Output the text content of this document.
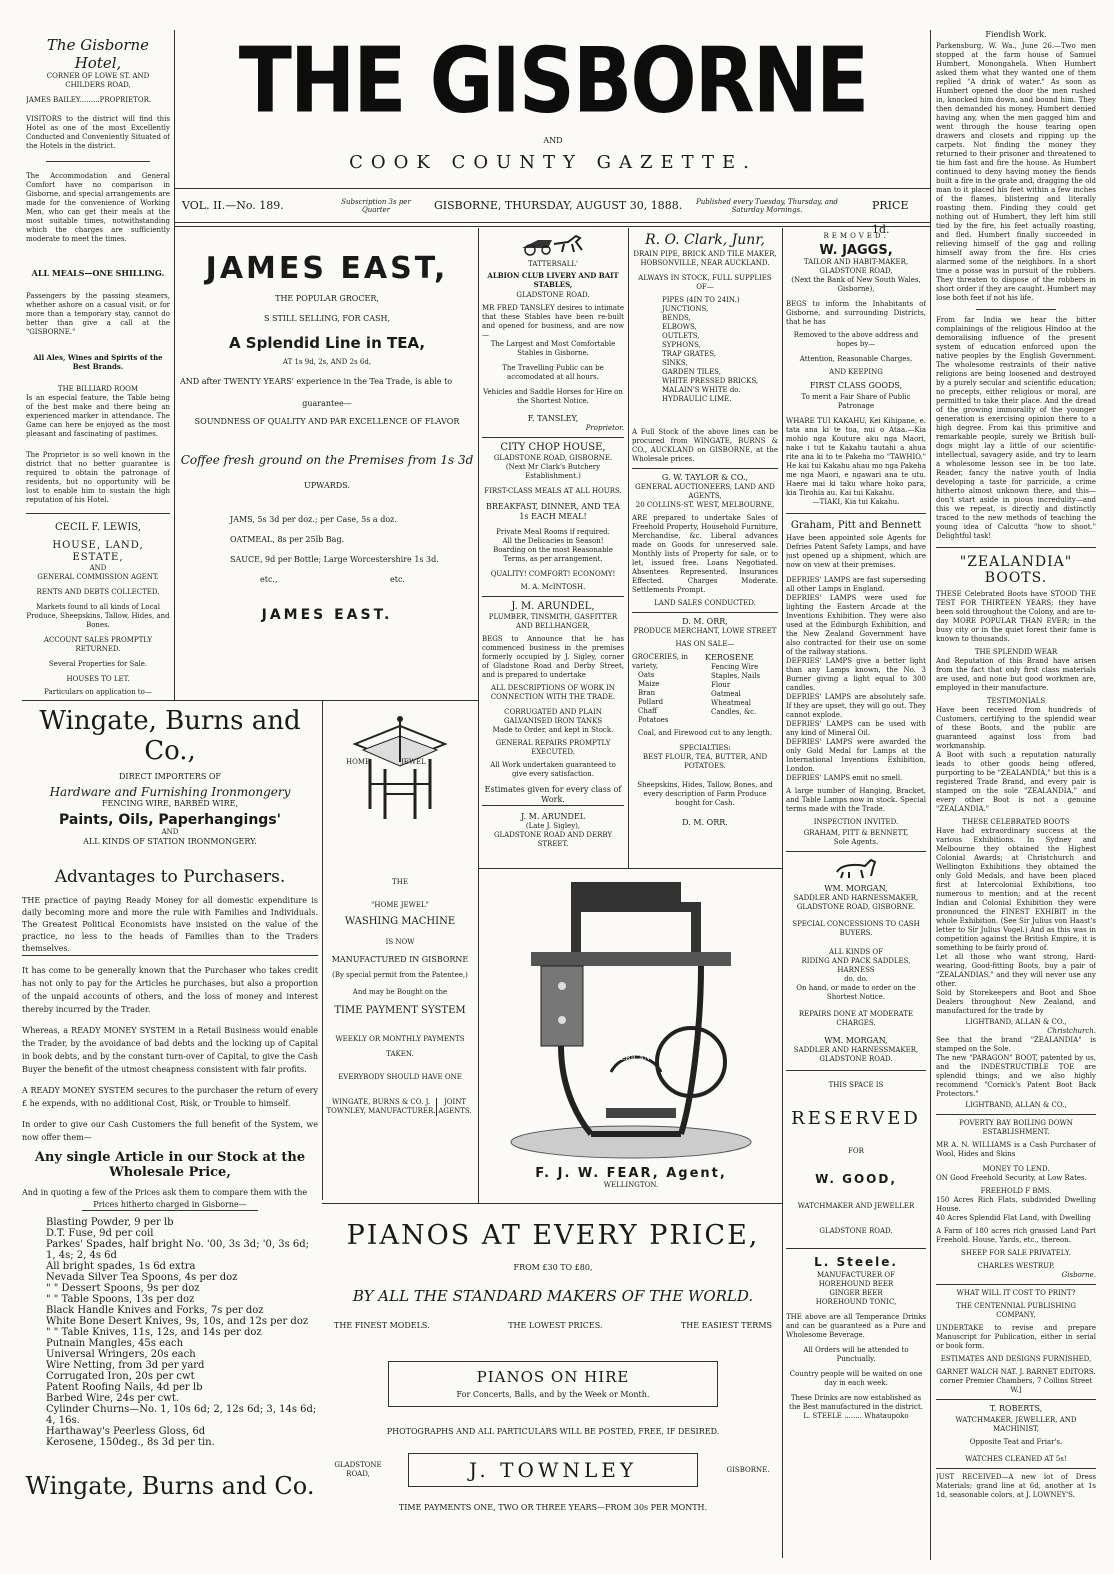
THE GISBORNE
AND
COOK COUNTY GAZETTE.
VOL. II.—No. 189.	Subscription 3s per Quarter	GISBORNE, THURSDAY, AUGUST 30, 1888.	Published every Tuesday, Thursday, and Saturday Mornings.	PRICE 1d.
The Gisborne Hotel,
CORNER OF LOWE ST. AND CHILDERS ROAD,
JAMES BAILEY.........PROPRIETOR.
VISITORS to the district will find this Hotel as one of the most Excellently Conducted and Conveniently Situated of the Hotels in the district.
The Accommodation and General Comfort have no comparison in Gisborne, and special arrangements are made for the convenience of Working Men, who can get their meals at the most suitable times, notwithstanding which the charges are sufficiently moderate to meet the times.
ALL MEALS—ONE SHILLING.
Passengers by the passing steamers, whether ashore on a casual visit, or for more than a temporary stay, cannot do better than give a call at the "GISBORNE."
All Ales, Wines and Spirits of the Best Brands.
THE BILLIARD ROOM
Is an especial feature, the Table being of the best make and there being an experienced marker in attendance. The Game can here be enjoyed as the most pleasant and fascinating of pastimes.
The Proprietor is so well known in the district that no better guarantee is required to obtain the patronage of residents, but no opportunity will be lost to enable him to sustain the high reputation of his Hotel.
CECIL F. LEWIS,
HOUSE, LAND, ESTATE,
AND
GENERAL COMMISSION AGENT.
RENTS AND DEBTS COLLECTED.
Markets found to all kinds of Local Produce, Sheepskins, Tallow, Hides, and Bones.
ACCOUNT SALES PROMPTLY RETURNED.
Several Properties for Sale.
HOUSES TO LET.
Particulars on application to—
JAMES EAST,
THE POPULAR GROCER,
S STILL SELLING, FOR CASH,
A Splendid Line in TEA,
AT 1s 9d, 2s, AND 2s 6d,
AND after TWENTY YEARS' experience in the Tea Trade, is able to
guarantee—
SOUNDNESS OF QUALITY AND PAR EXCELLENCE OF FLAVOR
Coffee fresh ground on the Premises from 1s 3d
UPWARDS.
JAMS, 5s 3d per doz.; per Case, 5s a doz.
OATMEAL, 8s per 25lb Bag.
SAUCE, 9d per Bottle; Large Worcestershire 1s 3d.
etc.,	etc.
JAMES EAST.
Wingate, Burns and Co.,
DIRECT IMPORTERS OF
Hardware and Furnishing Ironmongery
FENCING WIRE, BARBED WIRE,
Paints, Oils, Paperhangings'
AND
ALL KINDS OF STATION IRONMONGERY.
Advantages to Purchasers.
THE practice of paying Ready Money for all domestic expenditure is daily becoming more and more the rule with Families and Individuals. The Greatest Political Economists have insisted on the value of the practice, no less to the heads of Families than to the Traders themselves.
It has come to be generally known that the Purchaser who takes credit has not only to pay for the Articles he purchases, but also a proportion of the unpaid accounts of others, and the loss of money and interest thereby incurred by the Trader.
Whereas, a READY MONEY SYSTEM in a Retail Business would enable the Trader, by the avoidance of bad debts and the locking up of Capital in book debts, and by the constant turn-over of Capital, to give the Cash Buyer the benefit of the utmost cheapness consistent with fair profits.
A READY MONEY SYSTEM secures to the purchaser the return of every £ he expends, with no additional Cost, Risk, or Trouble to himself.
In order to give our Cash Customers the full benefit of the System, we now offer them—
Any single Article in our Stock at the Wholesale Price,
And in quoting a few of the Prices ask them to compare them with the
Prices hitherto charged in Gisborne—
Blasting Powder, 9 per lb
D.T. Fuse, 9d per coil
Parkes' Spades, half bright No. '00, 3s 3d; '0, 3s 6d; 1, 4s; 2, 4s 6d
All bright spades, 1s 6d extra
Nevada Silver Tea Spoons, 4s per doz
" " Dessert Spoons, 9s per doz
" " Table Spoons, 13s per doz
Black Handle Knives and Forks, 7s per doz
White Bone Desert Knives, 9s, 10s, and 12s per doz
" " Table Knives, 11s, 12s, and 14s per doz
Putnain Mangles, 45s each
Universal Wringers, 20s each
Wire Netting, from 3d per yard
Corrugated Iron, 20s per cwt
Patent Roofing Nails, 4d per lb
Barbed Wire, 24s per cwt.
Cylinder Churns—No. 1, 10s 6d; 2, 12s 6d; 3, 14s 6d; 4, 16s.
Harthaway's Peerless Gloss, 6d
Kerosene, 150deg., 8s 3d per tin.
Wingate, Burns and Co.
HOME	JEWEL
THE
"HOME JEWEL"
WASHING MACHINE
IS NOW
MANUFACTURED IN GISBORNE
(By special permit from the Patentee,)
And may be Bought on the
TIME PAYMENT SYSTEM
WEEKLY OR MONTHLY PAYMENTS
TAKEN.
EVERYBODY SHOULD HAVE ONE
WINGATE, BURNS & CO. J. TOWNLEY, MANUFACTURER.
JOINT AGENTS.
TATTERSALL'
ALBION CLUB LIVERY AND BAIT STABLES,
GLADSTONE ROAD.
MR FRED TANSLEY desires to intimate that these Stables have been re-built and opened for business, and are now—
The Largest and Most Comfortable Stables in Gisborne.
The Travelling Public can be accomodated at all hours.
Vehicles and Saddle Horses for Hire on the Shortest Notice.
F. TANSLEY,
Proprietor.
CITY CHOP HOUSE,
GLADSTONE ROAD, GISBORNE.
(Next Mr Clark's Butchery Establishment.)
FIRST-CLASS MEALS AT ALL HOURS.
BREAKFAST, DINNER, AND TEA 1s EACH MEAL!
Private Meal Rooms if required.
All the Delicacies in Season!
Boarding on the most Reasonable Terms, as per arrangement.
QUALITY! COMFORT! ECONOMY!
M. A. McINTOSH.
J. M. ARUNDEL,
PLUMBER, TINSMITH, GASFITTER AND BELLHANGER,
BEGS to Announce that he has commenced business in the premises formerly occupied by J. Sigley, corner of Gladstone Road and Derby Street, and is prepared to undertake
ALL DESCRIPTIONS OF WORK IN CONNECTION WITH THE TRADE.
CORRUGATED AND PLAIN GALVANISED IRON TANKS
Made to Order, and kept in Stock.
GENERAL REPAIRS PROMPTLY EXECUTED.
All Work undertaken guaranteed to give every satisfaction.
Estimates given for every class of Work.
J. M. ARUNDEL
(Late J. Sigley),
GLADSTONE ROAD AND DERBY STREET.
R. O. Clark, Junr,
DRAIN PIPE, BRICK AND TILE MAKER,
HOBSONVILLE, NEAR AUCKLAND.
ALWAYS IN STOCK, FULL SUPPLIES OF—
PIPES (4IN TO 24IN.)
JUNCTIONS,
BENDS,
ELBOWS,
OUTLETS,
SYPHONS,
TRAP GRATES,
SINKS,
GARDEN TILES,
WHITE PRESSED BRICKS,
MALAIN'S WHITE do.
HYDRAULIC LIME.
A Full Stock of the above lines can be procured from WINGATE, BURNS & CO., AUCKLAND on GISBORNE, at the Wholesale prices.
G. W. TAYLOR & CO.,
GENERAL AUCTIONEERS, LAND AND AGENTS,
20 COLLINS-ST. WEST, MELBOURNE,
ARE prepared to undertake Sales of Freehold Property, Household Furniture, Merchandise, &c. Liberal advances made on Goods for unreserved sale. Monthly lists of Property for sale, or to let, issued free. Loans Negotiated. Absentees Represented. Insurances Effected. Charges Moderate. Settlements Prompt.
LAND SALES CONDUCTED.
D. M. ORR,
PRODUCE MERCHANT, LOWE STREET
HAS ON SALE—
GROCERIES, in variety,
Oats
Maize
Bran
Pollard
Chaff
Potatoes
KEROSENE
Fencing Wire
Staples, Nails
Flour
Oatmeal
Wheatmeal
Candles, &c.
Coal, and Firewood cut to any length.
SPECIALTIES:
BEST FLOUR, TEA, BUTTER, AND POTATOES.
Sheepskins, Hides, Tallow, Bones, and every description of Farm Produce bought for Cash.
D. M. ORR.
AMERICAN
F. J. W. FEAR, Agent,
WELLINGTON.
PIANOS AT EVERY PRICE,
FROM £30 TO £80,
BY ALL THE STANDARD MAKERS OF THE WORLD.
THE FINEST MODELS.	THE LOWEST PRICES.	THE EASIEST TERMS
PIANOS ON HIRE
For Concerts, Balls, and by the Week or Month.
PHOTOGRAPHS AND ALL PARTICULARS WILL BE POSTED, FREE, IF DESIRED.
GLADSTONE ROAD,	J. TOWNLEY	GISBORNE.
TIME PAYMENTS ONE, TWO OR THREE YEARS—FROM 30s PER MONTH.
REMOVED.
W. JAGGS,
TAILOR AND HABIT-MAKER,
GLADSTONE ROAD,
(Next the Bank of New South Wales, Gisborne),
BEGS to inform the Inhabitants of Gisborne, and surrounding Districts, that he has
Removed to the above address and hopes by—
Attention, Reasonable Charges,
AND KEEPING
FIRST CLASS GOODS,
To merit a Fair Share of Public Patronage
WHARE TUI KAKAHU, Kei Kihipane, e. tata ana ki te toa, nui o Ataa.—Kia mohio nga Kouture aku nga Maori, nake i tut te Kakahu tautahi a ahua rite ana ki to te Pakeha mo "TAWHIO." He kai tui Kakahu ahau mo nga Pakeha me nga Maori, e ngawari ana te utu. Haere mai ki taku whare hoko para, kia Tirohia au. Kai tui Kakahu.
—TIAKI, Kia tui Kakahu.
Graham, Pitt and Bennett
Have been appointed sole Agents for Defries Patent Safety Lamps, and have just opened up a shipment, which are now on view at their premises.
DEFRIES' LAMPS are fast superseding all other Lamps in England.
DEFRIES' LAMPS were used for lighting the Eastern Arcade at the Inventions Exhibition. They were also used at the Edinburgh Exhibition, and the New Zealand Government have also contracted for their use on some of the railway stations.
DEFRIES' LAMPS give a better light than any Lamps known, the No. 3 Burner giving a light equal to 300 candles.
DEFRIES' LAMPS are absolutely safe. If they are upset, they will go out. They cannot explode.
DEFRIES' LAMPS can be used with any kind of Mineral Oil.
DEFRIES' LAMPS were awarded the only Gold Medal for Lamps at the International Inventions Exhibition, London.
DEFRIES' LAMPS emit no smell.
A large number of Hanging, Bracket, and Table Lamps now in stock. Special terms made with the Trade.
INSPECTION INVITED.
GRAHAM, PITT & BENNETT,
Sole Agents.
WM. MORGAN,
SADDLER AND HARNESSMAKER,
GLADSTONE ROAD, GISBORNE.
SPECIAL CONCESSIONS TO CASH BUYERS.
ALL KINDS OF
RIDING AND PACK SADDLES, HARNESS
do. do.
On hand, or made to order on the Shortest Notice.
REPAIRS DONE AT MODERATE CHARGES.
WM. MORGAN,
SADDLER AND HARNESSMAKER,
GLADSTONE ROAD.
THIS SPACE IS
RESERVED
FOR
W. GOOD,
WATCHMAKER AND JEWELLER
GLADSTONE ROAD.
L. Steele.
MANUFACTURER OF
HOREHOUND BEER
GINGER BEER
HOREHOUND TONIC,
THE above are all Temperance Drinks and can be guaranteed as a Pure and Wholesome Beverage.
All Orders will be attended to Punctually.
Country people will be waited on one day in each week.
These Drinks are now established as the Best manufactured in the district.
L. STEELE ........ Whataupoko
Fiendish Work.
Parkensburg, W. Wa., June 26.—Two men stopped at the farm house of Samuel Humbert, Monongahela. When Humbert asked them what they wanted one of them replied "A drink of water." As soon as Humbert opened the door the men rushed in, knocked him down, and bound him. They then demanded his money. Humbert denied having any, when the men gagged him and went through the house tearing open drawers and closets and ripping up the carpets. Not finding the money they returned to their prisoner and threatened to tie him fast and fire the house. As Humbert continued to deny having money the fiends built a fire in the grate and, dragging the old man to it placed his feet within a few inches of the flames, blistering and literally roasting them. Finding they could get nothing out of Humbert, they left him still tied by the fire, his feet actually roasting, and fled. Humbert finally succeeded in relieving himself of the gag and rolling himself away from the fire. His cries alarmed some of the neighbors. In a short time a posse was in pursuit of the robbers. They threaten to dispose of the robbers in short order if they are caught. Humbert may lose both feet if not his life.
From far India we hear the bitter complainings of the religious Hindoo at the demoralising influence of the present system of education enforced upon the native peoples by the English Government. The wholesome restraints of their native religions are being loosened and destroyed by a purely secular and scientific education; no precepts, either religious or moral, are permitted to take their place. And the dread of the growing immorality of the younger generation is exercising opinion there to a high degree. From kai this primitive and remarkable people, surely we British bull-dogs might lay a little of our scientific-intellectual, savagery aside, and try to learn a wholesome lesson see in be too late. Reader, fancy the native youth of India developing a taste for parricide, a crime hitherto almost unknown there, and this—don't start aside in pious incredulity—and this we repeat, is directly and distinctly traced to the new methods of teaching the young idea of Calcutta "how to shoot." Delightful task!
"ZEALANDIA" BOOTS.
THESE Celebrated Boots have STOOD THE TEST FOR THIRTEEN YEARS; they have been sold throughout the Colony, and are to-day MORE POPULAR THAN EVER; in the busy city or in the quiet forest their fame is known to thousands.
THE SPLENDID WEAR
And Reputation of this Brand have arisen from the fact that only first class materials are used, and none but good workmen are, employed in their manufacture.
TESTIMONIALS
Have been received from hundreds of Customers, certifying to the splendid wear of these Boots, and the public are guaranteed against loss from bad workmanship.
A Boot with such a reputation naturally leads to other goods being offered, purporting to be "ZEALANDIA," but this is a registered Trade Brand, and every pair is stamped on the sole "ZEALANDIA," and every other Boot is not a genuine "ZEALANDIA."
THESE CELEBRATED BOOTS
Have had extraordinary success at the various Exhibitions. In Sydney and Melbourne they obtained the Highest Colonial Awards; at Christchurch and Wellington Exhibitions they obtained the only Gold Medals, and have been placed first at Intercolonial Exhibitions, too numerous to mention; and at the recent Indian and Colonial Exhibition they were pronounced the FINEST EXHIBIT in the whole Exhibition. (See Sir Julius von Haast's letter to Sir Julius Vogel.) And as this was in competition against the British Empire, it is something to be fairly proud of.
Let all those who want strong, Hard-wearing, Good-fitting Boots, buy a pair of "ZEALANDIAS," and they will never use any other.
Sold by Storekeepers and Boot and Shoe Dealers throughout New Zealand, and manufactured for the trade by
LIGHTBAND, ALLAN & CO.,
Christchurch.
See that the brand "ZEALANDIA" is stamped on the Sole.
The new "PARAGON" BOOT, patented by us, and the INDESTRUCTIBLE TOE are splendid things; and we also highly recommend "Cornick's Patent Boot Back Protectors."
LIGHTBAND, ALLAN & CO.,
POVERTY BAY BOILING DOWN ESTABLISHMENT.
MR A. N. WILLIAMS is a Cash Purchaser of Wool, Hides and Skins
MONEY TO LEND.
ON Good Freehold Security, at Low Rates.
FREEHOLD F BMS.
150 Acres Rich Flats, subdivided Dwelling House.
40 Acres Splendid Flat Land, with Dwelling
A Farm of 180 acres rich grassed Land Part Freehold. House, Yards, etc., thereon.
SHEEP FOR SALE PRIVATELY.
CHARLES WESTRUP,
Gisborne.
WHAT WILL IT COST TO PRINT?
THE CENTENNIAL PUBLISHING COMPANY,
UNDERTAKE to revise and prepare Manuscript for Publication, either in serial or book form.
ESTIMATES AND DESIGNS FURNISHED,
GARNET WALCH NAT. J. BARNET EDITORS.
corner Premier Chambers, 7 Collins Street W.]
T. ROBERTS,
WATCHMAKER, JEWELLER, AND MACHINIST,
Opposite Teat and Friar's.
WATCHES CLEANED AT 5s!
JUST RECEIVED—A new lot of Dress Materials; grand line at 6d, another at 1s 1d, seasonable colors, at J. LOWNEY'S.
